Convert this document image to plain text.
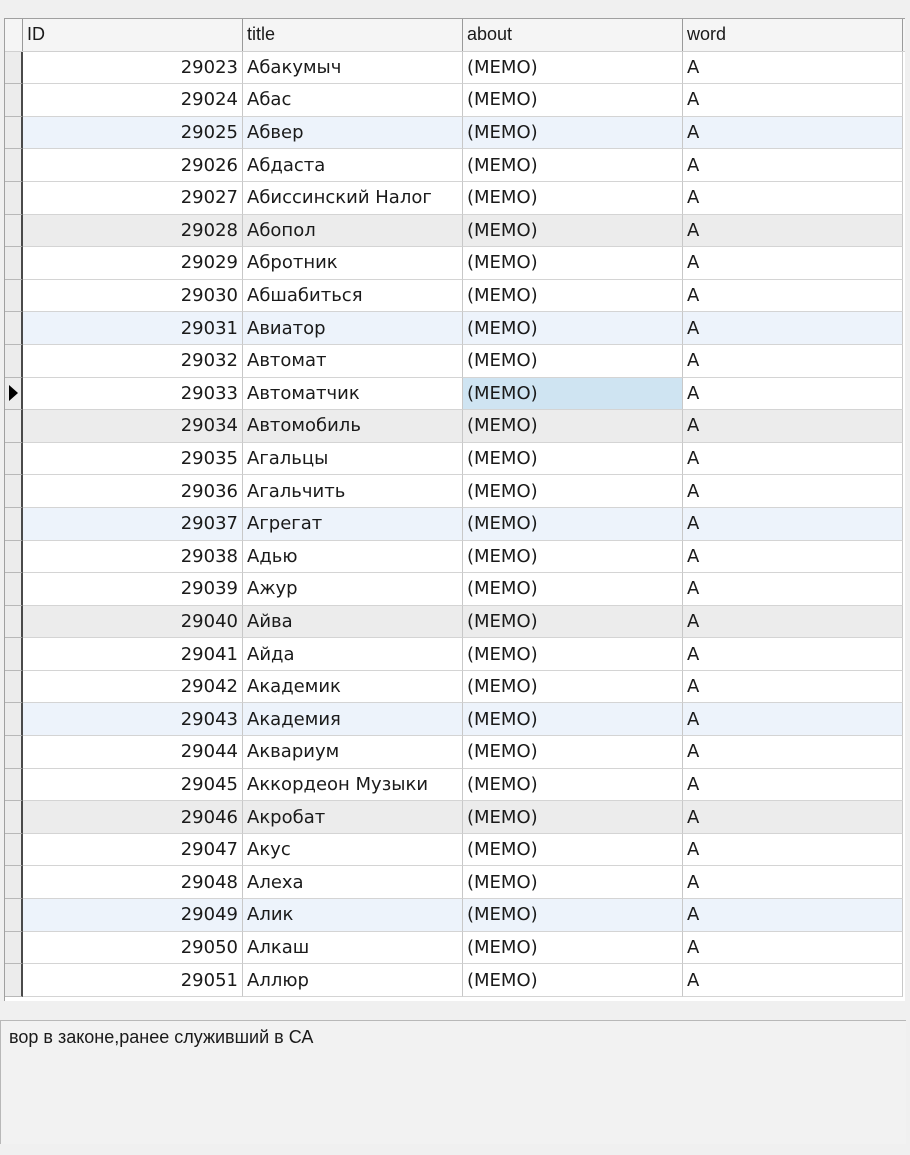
ID	title	about	word
29023 Абакумыч	(MEMO)	А
29024 Абас	(MEMO)	А
29025 Абвер	(MEMO)	А
29026 Абдаста	(MEMO)	А
29027 Абиссинский Налог	(MEMO)	А
29028 Абопол	(MEMO)	А
29029 Абротник	(MEMO)	А
29030 Абшабиться	(MEMO)	А
29031 Авиатор	(MEMO)	А
29032 Автомат	(MEMO)	А
29033 Автоматчик	(MEMO)	А
29034 Автомобиль	(MEMO)	А
29035 Агальцы	(MEMO)	А
29036 Агальчить	(MEMO)	А
29037 Агрегат	(MEMO)	А
29038 Адью	(MEMO)	А
29039 Ажур	(MEMO)	А
29040 Айва	(MEMO)	А
29041 Айда	(MEMO)	А
29042 Академик	(MEMO)	А
29043 Академия	(MEMO)	А
29044 Аквариум	(MEMO)	А
29045 Аккордеон Музыки	(MEMO)	А
29046 Акробат	(MEMO)	А
29047 Акус	(MEMO)	А
29048 Алеха	(MEMO)	А
29049 Алик	(MEMO)	А
29050 Алкаш	(MEMO)	А
29051 Аллюр	(MEMO)	А
вор в законе,ранее служивший в СА
